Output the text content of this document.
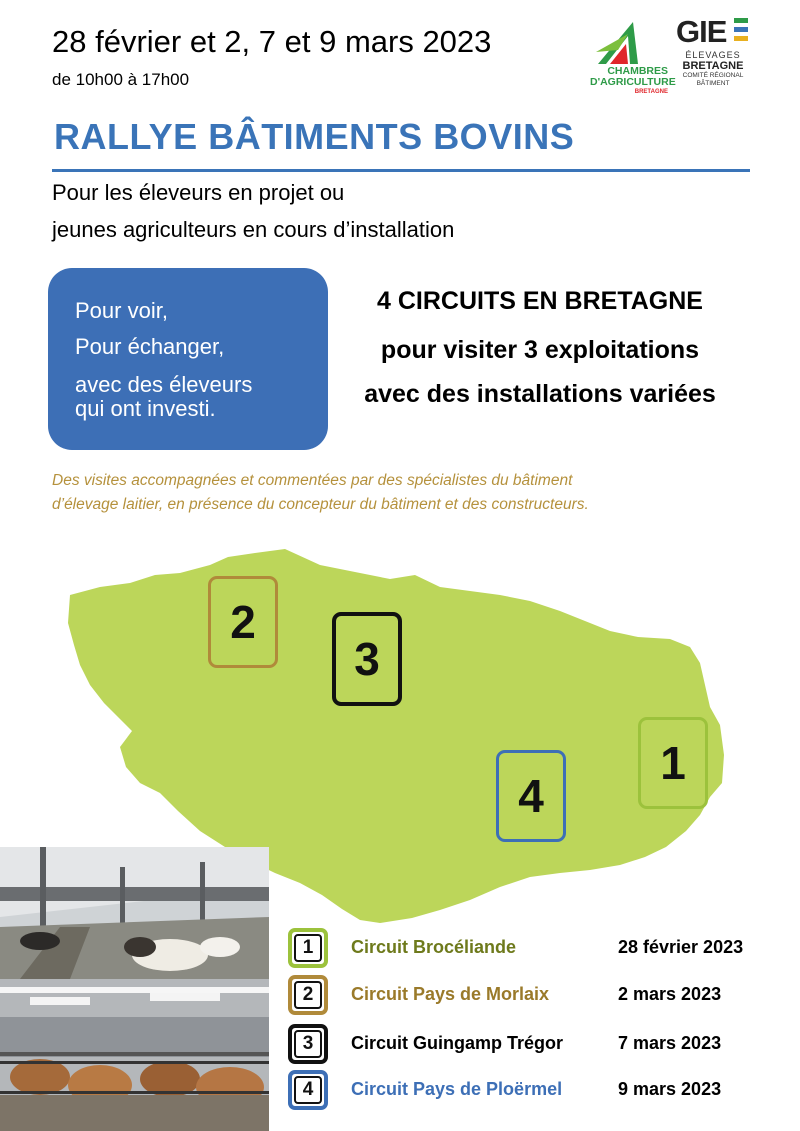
28 février et 2, 7 et 9 mars 2023
de 10h00 à 17h00	CHAMBRES
D'AGRICULTURE
BRETAGNE
GIE
ÉLEVAGES
BRETAGNE
COMITÉ RÉGIONAL
BÂTIMENT
RALLYE BÂTIMENTS BOVINS
Pour les éleveurs en projet ou
jeunes agriculteurs en cours d’installation
Pour voir,
Pour échanger,
avec des éleveurs
qui ont investi.
4 CIRCUITS EN BRETAGNE
pour visiter 3 exploitations
avec des installations variées
Des visites accompagnées et commentées par des spécialistes du bâtiment
d’élevage laitier, en présence du concepteur du bâtiment et des constructeurs.
2
3
4
1
1 Circuit Brocéliande	28 février 2023
2 Circuit Pays de Morlaix	2 mars 2023
3 Circuit Guingamp Trégor	7 mars 2023
4 Circuit Pays de Ploërmel	9 mars 2023
